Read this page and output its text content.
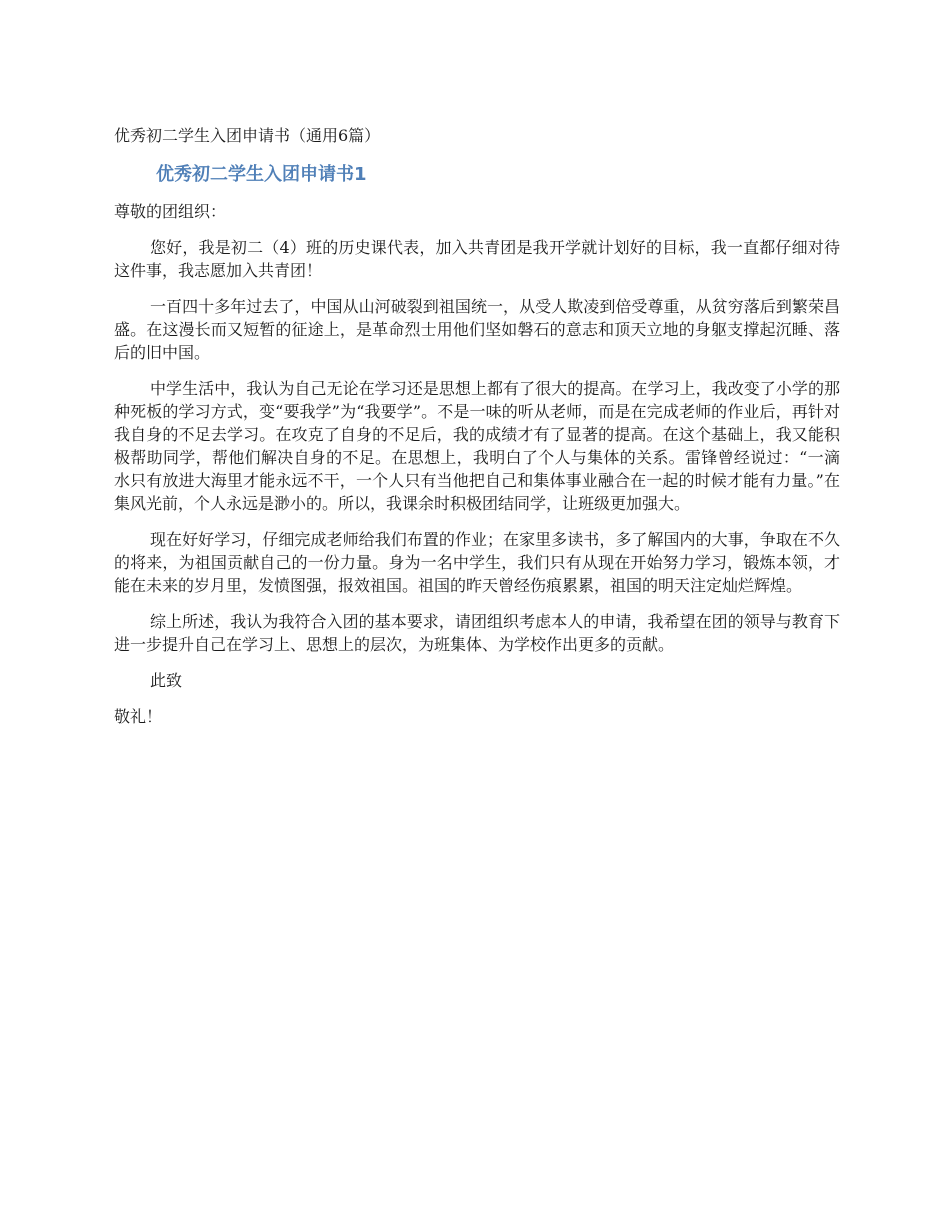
优秀初二学生入团申请书（通用6篇）
优秀初二学生入团申请书1
尊敬的团组织：

您好，我是初二（4）班的历史课代表，加入共青团是我开学就计划好的目标，我一直都仔细对待这件事，我志愿加入共青团！

一百四十多年过去了，中国从山河破裂到祖国统一，从受人欺凌到倍受尊重，从贫穷落后到繁荣昌盛。在这漫长而又短暂的征途上，是革命烈士用他们坚如磐石的意志和顶天立地的身躯支撑起沉睡、落后的旧中国。

中学生活中，我认为自己无论在学习还是思想上都有了很大的提高。在学习上，我改变了小学的那种死板的学习方式，变“要我学”为“我要学”。不是一味的听从老师，而是在完成老师的作业后，再针对我自身的不足去学习。在攻克了自身的不足后，我的成绩才有了显著的提高。在这个基础上，我又能积极帮助同学，帮他们解决自身的不足。在思想上，我明白了个人与集体的关系。雷锋曾经说过：“一滴水只有放进大海里才能永远不干，一个人只有当他把自己和集体事业融合在一起的时候才能有力量。”在集风光前，个人永远是渺小的。所以，我课余时积极团结同学，让班级更加强大。

现在好好学习，仔细完成老师给我们布置的作业；在家里多读书，多了解国内的大事，争取在不久的将来，为祖国贡献自己的一份力量。身为一名中学生，我们只有从现在开始努力学习，锻炼本领，才能在未来的岁月里，发愤图强，报效祖国。祖国的昨天曾经伤痕累累，祖国的明天注定灿烂辉煌。

综上所述，我认为我符合入团的基本要求，请团组织考虑本人的申请，我希望在团的领导与教育下进一步提升自己在学习上、思想上的层次，为班集体、为学校作出更多的贡献。

此致
敬礼！
